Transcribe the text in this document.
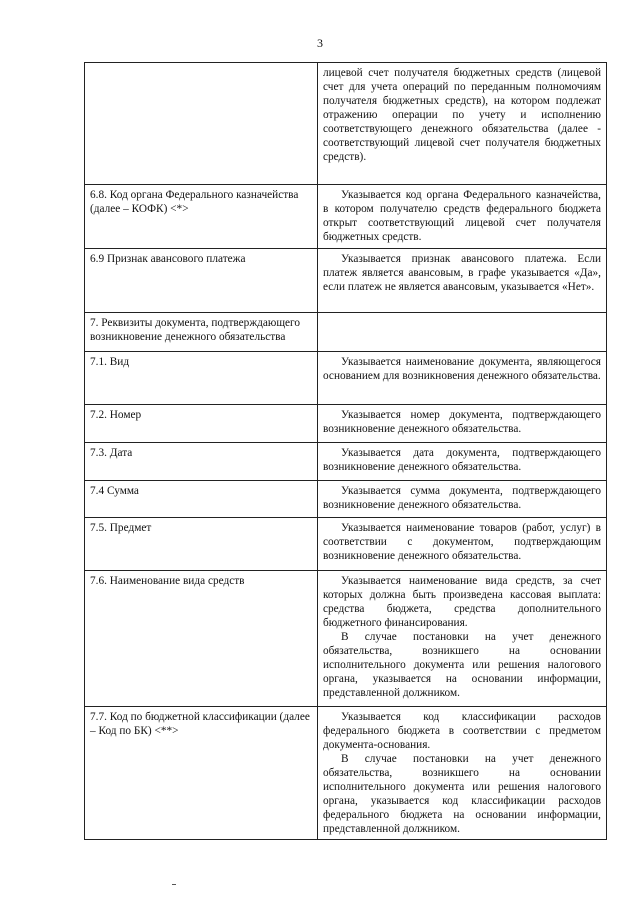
3

	лицевой счет получателя бюджетных средств (лицевой счет для учета операций по переданным полномочиям получателя бюджетных средств), на котором подлежат отражению операции по учету и исполнению соответствующего денежного обязательства (далее - соответствующий лицевой счет получателя бюджетных средств).

6.8. Код органа Федерального казначейства (далее – КОФК) <*>	Указывается код органа Федерального казначейства, в котором получателю средств федерального бюджета открыт соответствующий лицевой счет получателя бюджетных средств.

6.9 Признак авансового платежа	Указывается признак авансового платежа. Если платеж является авансовым, в графе указывается «Да», если платеж не является авансовым, указывается «Нет».

7. Реквизиты документа, подтверждающего возникновение денежного обязательства	
7.1. Вид	Указывается наименование документа, являющегося основанием для возникновения денежного обязательства.

7.2. Номер	Указывается номер документа, подтверждающего возникновение денежного обязательства.

7.3. Дата	Указывается дата документа, подтверждающего возникновение денежного обязательства.

7.4 Сумма	Указывается сумма документа, подтверждающего возникновение денежного обязательства.

7.5. Предмет	Указывается наименование товаров (работ, услуг) в соответствии с документом, подтверждающим возникновение денежного обязательства.

7.6. Наименование вида средств	Указывается наименование вида средств, за счет которых должна быть произведена кассовая выплата: средства бюджета, средства дополнительного бюджетного финансирования.
В случае постановки на учет денежного обязательства, возникшего на основании исполнительного документа или решения налогового органа, указывается на основании информации, представленной должником.

7.7. Код по бюджетной классификации (далее – Код по БК) <**>	Указывается код классификации расходов федерального бюджета в соответствии с предметом документа-основания.
В случае постановки на учет денежного обязательства, возникшего на основании исполнительного документа или решения налогового органа, указывается код классификации расходов федерального бюджета на основании информации, представленной должником.
